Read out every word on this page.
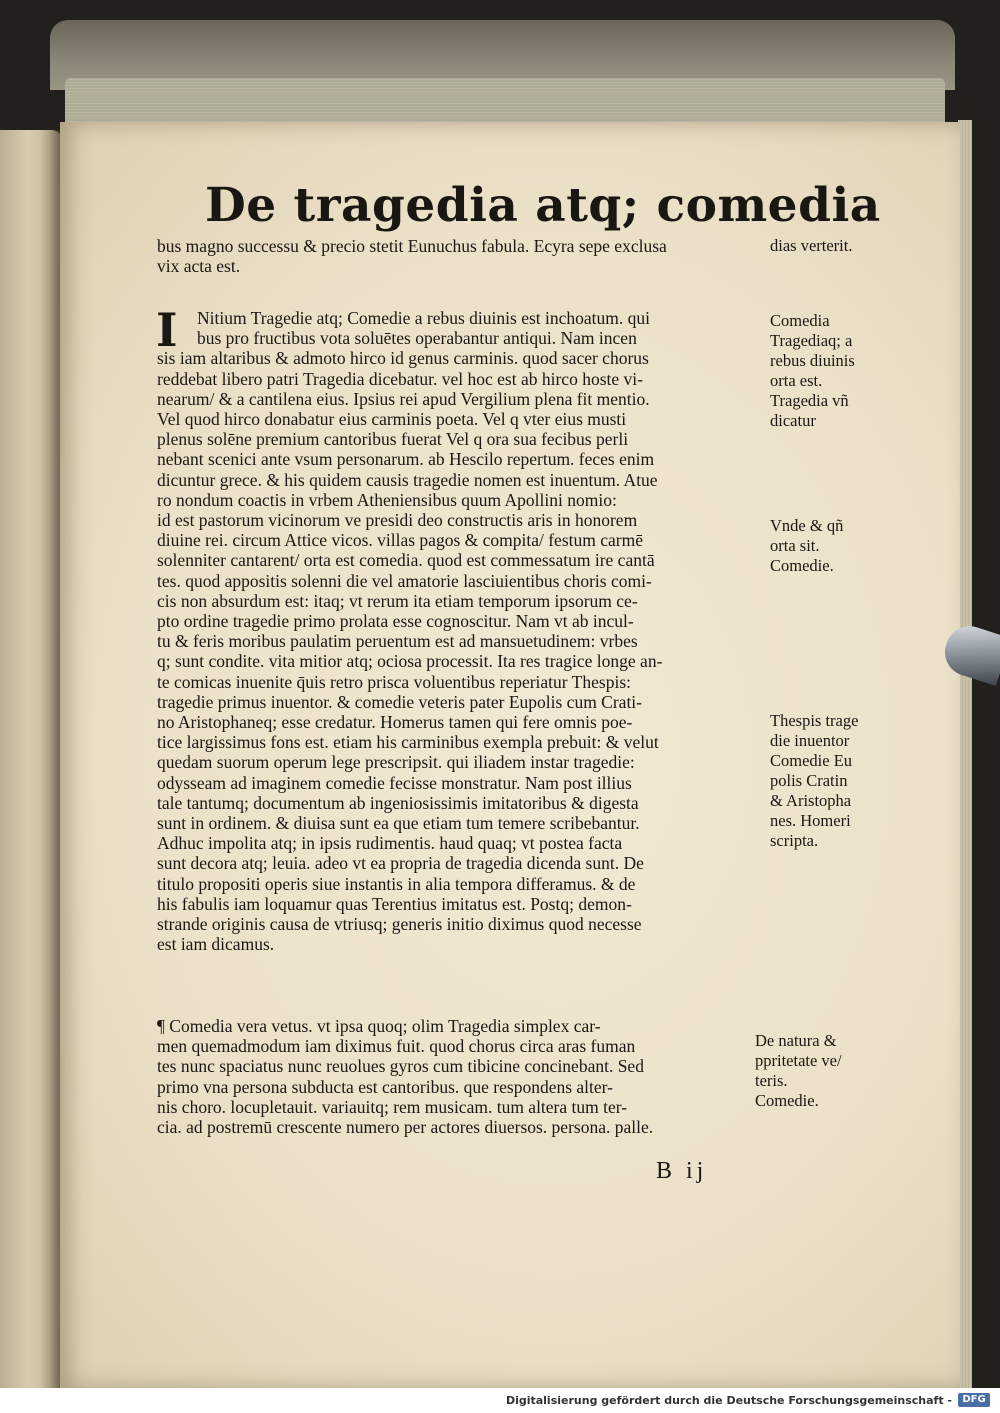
De tragedia atq; comedia
bus magno successu & precio stetit Eunuchus fabula. Ecyra sepe exclusa
vix acta est.
I	Nitium Tragedie atq; Comedie a rebus diuinis est inchoatum. qui
bus pro fructibus vota soluētes operabantur antiqui. Nam incen
sis iam altaribus & admoto hirco id genus carminis. quod sacer chorus
reddebat libero patri Tragedia dicebatur. vel hoc est ab hirco hoste vi-
nearum/ & a cantilena eius. Ipsius rei apud Vergilium plena fit mentio.
Vel quod hirco donabatur eius carminis poeta. Vel q vter eius musti
plenus solēne premium cantoribus fuerat Vel q ora sua fecibus perli
nebant scenici ante vsum personarum. ab Hescilo repertum. feces enim
dicuntur grece. & his quidem causis tragedie nomen est inuentum. Atue
ro nondum coactis in vrbem Atheniensibus quum Apollini nomio:
id est pastorum vicinorum ve presidi deo constructis aris in honorem
diuine rei. circum Attice vicos. villas pagos & compita/ festum carmē
solenniter cantarent/ orta est comedia. quod est commessatum ire cantā
tes. quod appositis solenni die vel amatorie lasciuientibus choris comi-
cis non absurdum est: itaq; vt rerum ita etiam temporum ipsorum ce-
pto ordine tragedie primo prolata esse cognoscitur. Nam vt ab incul-
tu & feris moribus paulatim peruentum est ad mansuetudinem: vrbes
q; sunt condite. vita mitior atq; ociosa processit. Ita res tragice longe an-
te comicas inuenite q̄uis retro prisca voluentibus reperiatur Thespis:
tragedie primus inuentor. & comedie veteris pater Eupolis cum Crati-
no Aristophaneq; esse credatur. Homerus tamen qui fere omnis poe-
tice largissimus fons est. etiam his carminibus exempla prebuit: & velut
quedam suorum operum lege prescripsit. qui iliadem instar tragedie:
odysseam ad imaginem comedie fecisse monstratur. Nam post illius
tale tantumq; documentum ab ingeniosissimis imitatoribus & digesta
sunt in ordinem. & diuisa sunt ea que etiam tum temere scribebantur.
Adhuc impolita atq; in ipsis rudimentis. haud quaq; vt postea facta
sunt decora atq; leuia. adeo vt ea propria de tragedia dicenda sunt. De
titulo propositi operis siue instantis in alia tempora differamus. & de
his fabulis iam loquamur quas Terentius imitatus est. Postq; demon-
strande originis causa de vtriusq; generis initio diximus quod necesse
est iam dicamus.
¶ Comedia vera vetus. vt ipsa quoq; olim Tragedia simplex car-
men quemadmodum iam diximus fuit. quod chorus circa aras fuman
tes nunc spaciatus nunc reuolues gyros cum tibicine concinebant. Sed
primo vna persona subducta est cantoribus. que respondens alter-
nis choro. locupletauit. variauitq; rem musicam. tum altera tum ter-
cia. ad postremū crescente numero per actores diuersos. persona. palle.
dias verterit.
Comedia
Tragediaq; a
rebus diuinis
orta est.
Tragedia vñ
dicatur
Vnde & qñ
orta sit.
Comedie.
Thespis trage
die inuentor
Comedie Eu
polis Cratin
& Aristopha
nes. Homeri
scripta.
De natura &
ppritetate ve/
teris.
Comedie.
B ij
Digitalisierung gefördert durch die Deutsche Forschungsgemeinschaft -	DFG
